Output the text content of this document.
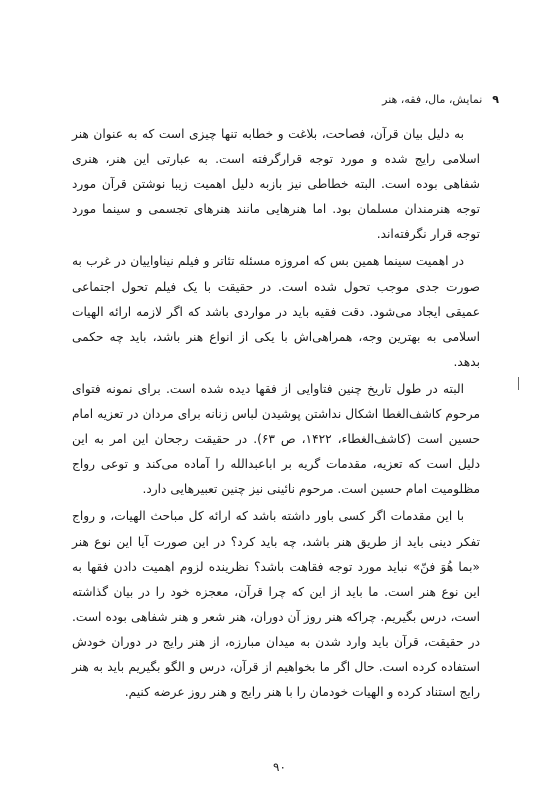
۹
نمایش، مال، فقه، هنر

به دلیل بیان قرآن، فصاحت، بلاغت و خطابه تنها چیزی است که به عنوان هنر اسلامی رایج شده و مورد توجه قرارگرفته است. به عبارتی این هنر، هنری شفاهی بوده است. البته خطاطی نیز بازبه دلیل اهمیت زیبا نوشتن قرآن مورد توجه هنرمندان مسلمان بود. اما هنرهایی مانند هنرهای تجسمی و سینما مورد توجه قرار نگرفته‌اند.

در اهمیت سینما همین بس که امروزه مسئله تئاتر و فیلم نیناواییان در غرب به صورت جدی موجب تحول شده است. در حقیقت با یک فیلم تحول اجتماعی عمیقی ایجاد می‌شود. دقت فقیه باید در مواردی باشد که اگر لازمه ارائه الهیات اسلامی به بهترین وجه، همراهی‌اش با یکی از انواع هنر باشد، باید چه حکمی بدهد.

البته در طول تاریخ چنین فتاوایی از فقها دیده شده است. برای نمونه فتوای مرحوم کاشف‌الغطا اشکال نداشتن پوشیدن لباس زنانه برای مردان در تعزیه امام حسین است (کاشف‌الغطاء، ۱۴۲۲، ص ۶۳). در حقیقت رجحان این امر به این دلیل است که تعزیه، مقدمات گریه بر اباعبدالله را آماده می‌کند و توعی رواج مظلومیت امام حسین است. مرحوم نائینی نیز چنین تعبیرهایی دارد.

با این مقدمات اگر کسی باور داشته باشد که ارائه کل مباحث الهیات، و رواج تفکر دینی باید از طریق هنر باشد، چه باید کرد؟ در این صورت آیا این نوع هنر «بما هُوَ فنّ» نباید مورد توجه فقاهت باشد؟ نظرینده لزوم اهمیت دادن فقها به این نوع هنر است. ما باید از این که چرا قرآن، معجزه خود را در بیان گذاشته است، درس بگیریم. چراکه هنر روز آن دوران، هنر شعر و هنر شفاهی بوده است. در حقیقت، قرآن باید وارد شدن به میدان مبارزه، از هنر رایج در دوران خودش استفاده کرده است. حال اگر ما بخواهیم از قرآن، درس و الگو بگیریم باید به هنر رایج استناد کرده و الهیات خودمان را با هنر رایج و هنر روز عرضه کنیم.

۹۰
